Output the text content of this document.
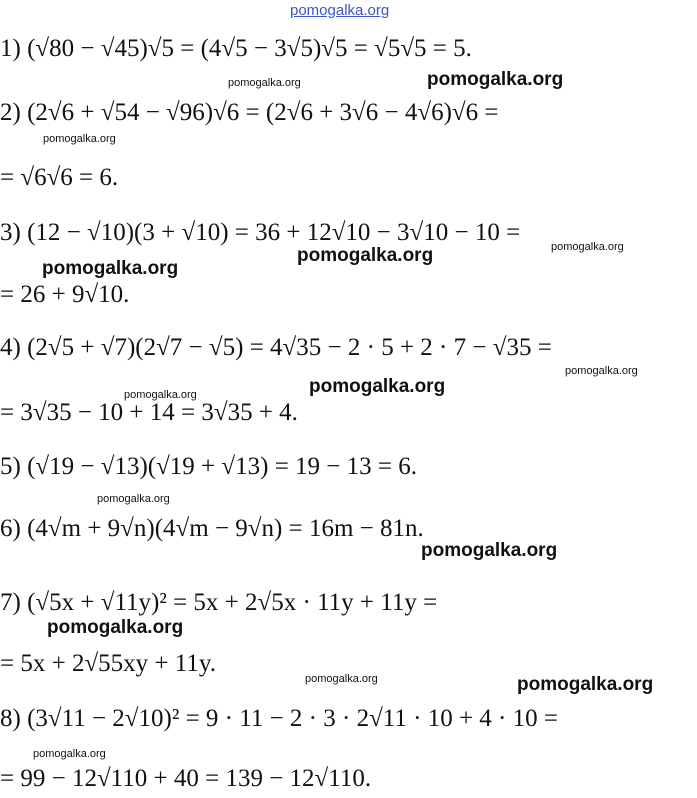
pomogalka.org
1) (√80 − √45)√5 = (4√5 − 3√5)√5 = √5√5 = 5.
2) (2√6 + √54 − √96)√6 = (2√6 + 3√6 − 4√6)√6 =
= √6√6 = 6.
3) (12 − √10)(3 + √10) = 36 + 12√10 − 3√10 − 10 =
= 26 + 9√10.
4) (2√5 + √7)(2√7 − √5) = 4√35 − 2 · 5 + 2 · 7 − √35 =
= 3√35 − 10 + 14 = 3√35 + 4.
5) (√19 − √13)(√19 + √13) = 19 − 13 = 6.
6) (4√m + 9√n)(4√m − 9√n) = 16m − 81n.
7) (√5x + √11y)² = 5x + 2√5x · 11y + 11y =
= 5x + 2√55xy + 11y.
8) (3√11 − 2√10)² = 9 · 11 − 2 · 3 · 2√11 · 10 + 4 · 10 =
= 99 − 12√110 + 40 = 139 − 12√110.
pomogalka.org	pomogalka.org
pomogalka.org
pomogalka.org
pomogalka.org
pomogalka.org
pomogalka.org	pomogalka.org
pomogalka.org
pomogalka.org
pomogalka.org
pomogalka.org
pomogalka.org	pomogalka.org
pomogalka.org
